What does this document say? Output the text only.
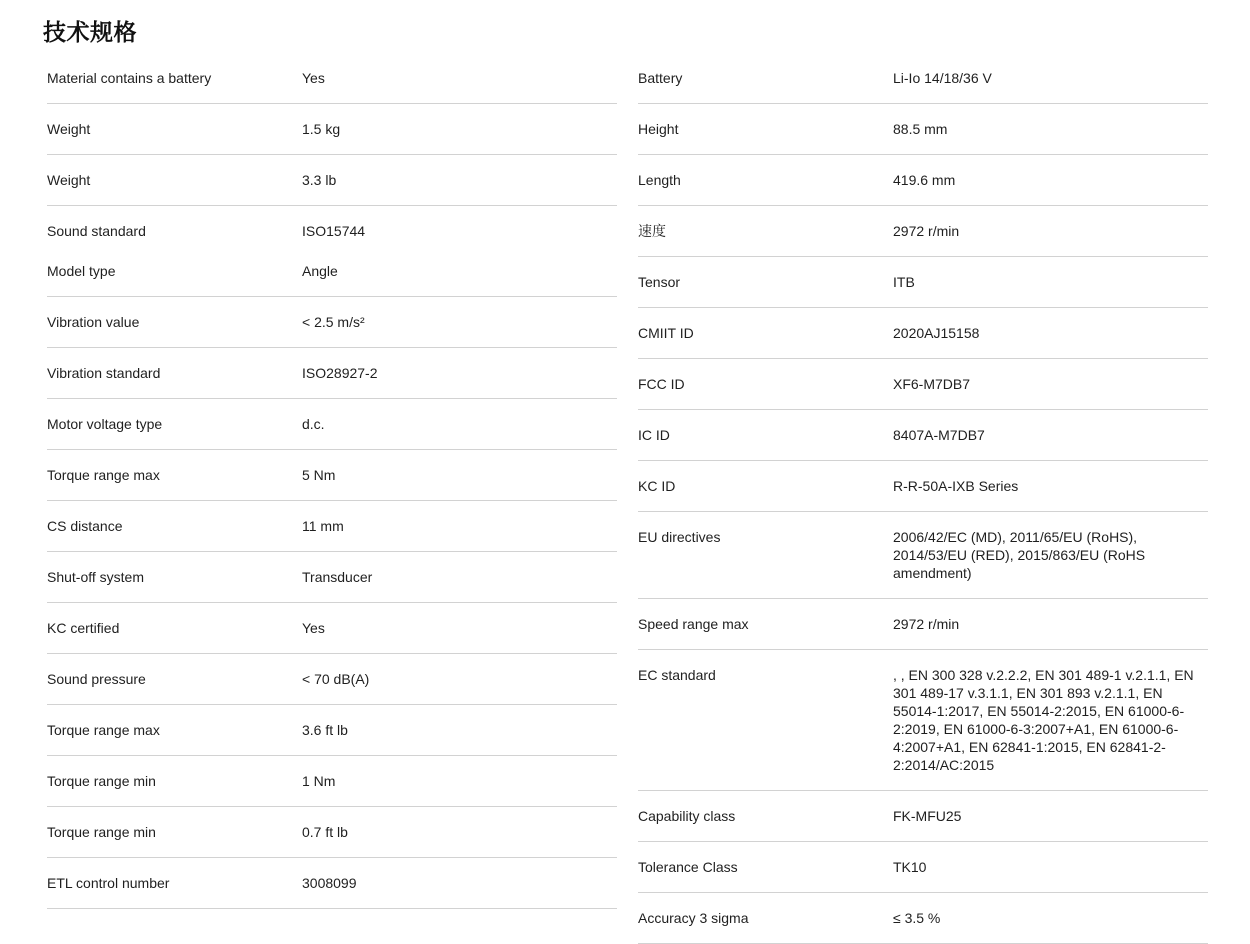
技术规格
Material contains a battery	Yes
Weight	1.5 kg
Weight	3.3 lb
Sound standard	ISO15744
Model type	Angle
Vibration value	< 2.5 m/s²
Vibration standard	ISO28927-2
Motor voltage type	d.c.
Torque range max	5 Nm
CS distance	11 mm
Shut-off system	Transducer
KC certified	Yes
Sound pressure	< 70 dB(A)
Torque range max	3.6 ft lb
Torque range min	1 Nm
Torque range min	0.7 ft lb
ETL control number	3008099
Battery	Li-Io 14/18/36 V
Height	88.5 mm
Length	419.6 mm
速度	2972 r/min
Tensor	ITB
CMIIT ID	2020AJ15158
FCC ID	XF6-M7DB7
IC ID	8407A-M7DB7
KC ID	R-R-50A-IXB Series
EU directives	2006/42/EC (MD), 2011/65/EU (RoHS), 2014/53/EU (RED), 2015/863/EU (RoHS amendment)
Speed range max	2972 r/min
EC standard	, , EN 300 328 v.2.2.2, EN 301 489-1 v.2.1.1, EN 301 489-17 v.3.1.1, EN 301 893 v.2.1.1, EN 55014-1:2017, EN 55014-2:2015, EN 61000-6-2:2019, EN 61000-6-3:2007+A1, EN 61000-6-4:2007+A1, EN 62841-1:2015, EN 62841-2-2:2014/AC:2015
Capability class	FK-MFU25
Tolerance Class	TK10
Accuracy 3 sigma	≤ 3.5 %
